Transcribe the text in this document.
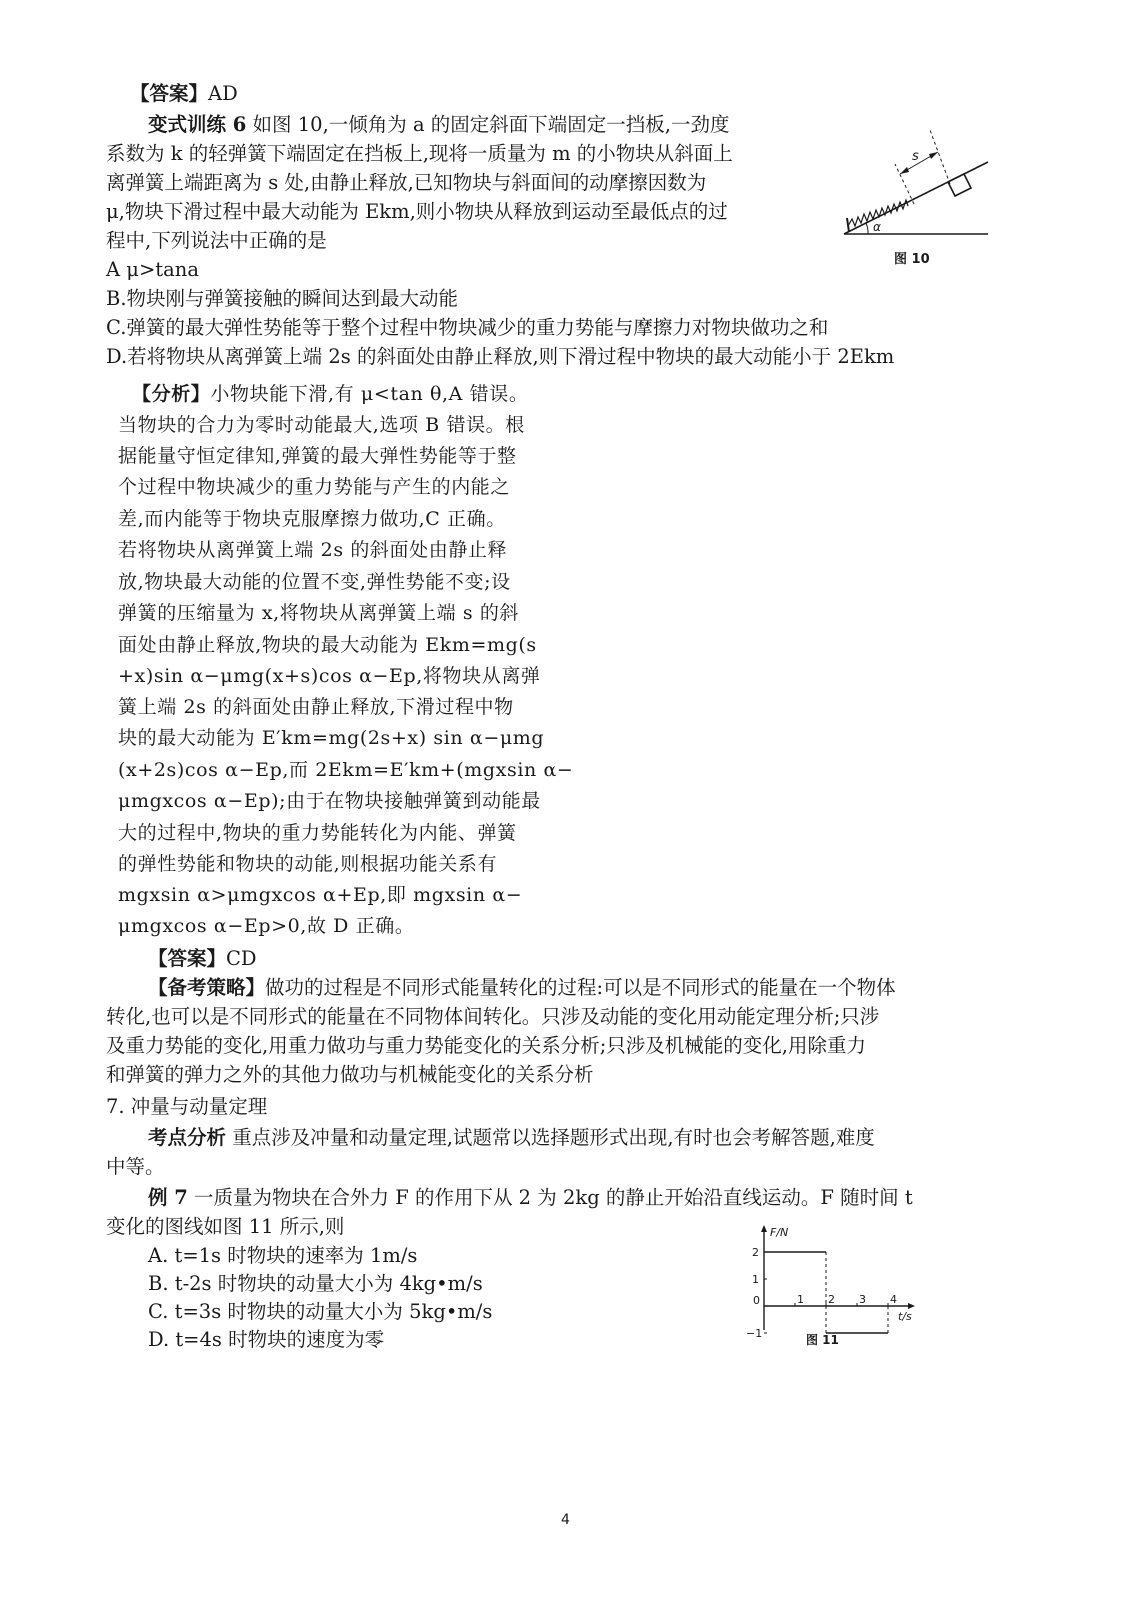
【答案】AD
变式训练 6 如图 10,一倾角为 a 的固定斜面下端固定一挡板,一劲度
系数为 k 的轻弹簧下端固定在挡板上,现将一质量为 m 的小物块从斜面上
离弹簧上端距离为 s 处,由静止释放,已知物块与斜面间的动摩擦因数为
μ,物块下滑过程中最大动能为 Ekm,则小物块从释放到运动至最低点的过
程中,下列说法中正确的是
A μ>tana
B.物块刚与弹簧接触的瞬间达到最大动能
C.弹簧的最大弹性势能等于整个过程中物块减少的重力势能与摩擦力对物块做功之和
D.若将物块从离弹簧上端 2s 的斜面处由静止释放,则下滑过程中物块的最大动能小于 2Ekm
s
α
图 10
【分析】小物块能下滑,有 μ<tan θ,A 错误。
当物块的合力为零时动能最大,选项 B 错误。根
据能量守恒定律知,弹簧的最大弹性势能等于整
个过程中物块减少的重力势能与产生的内能之
差,而内能等于物块克服摩擦力做功,C 正确。
若将物块从离弹簧上端 2s 的斜面处由静止释
放,物块最大动能的位置不变,弹性势能不变;设
弹簧的压缩量为 x,将物块从离弹簧上端 s 的斜
面处由静止释放,物块的最大动能为 Ekm=mg(s
+x)sin α−μmg(x+s)cos α−Ep,将物块从离弹
簧上端 2s 的斜面处由静止释放,下滑过程中物
块的最大动能为 E′km=mg(2s+x) sin α−μmg
(x+2s)cos α−Ep,而 2Ekm=E′km+(mgxsin α−
μmgxcos α−Ep);由于在物块接触弹簧到动能最
大的过程中,物块的重力势能转化为内能、弹簧
的弹性势能和物块的动能,则根据功能关系有
mgxsin α>μmgxcos α+Ep,即 mgxsin α−
μmgxcos α−Ep>0,故 D 正确。
【答案】CD
【备考策略】做功的过程是不同形式能量转化的过程:可以是不同形式的能量在一个物体
转化,也可以是不同形式的能量在不同物体间转化。只涉及动能的变化用动能定理分析;只涉
及重力势能的变化,用重力做功与重力势能变化的关系分析;只涉及机械能的变化,用除重力
和弹簧的弹力之外的其他力做功与机械能变化的关系分析
7. 冲量与动量定理
考点分析 重点涉及冲量和动量定理,试题常以选择题形式出现,有时也会考解答题,难度
中等。
例 7 一质量为物块在合外力 F 的作用下从 2 为 2kg 的静止开始沿直线运动。F 随时间 t
变化的图线如图 11 所示,则
A. t=1s 时物块的速率为 1m/s
B. t-2s 时物块的动量大小为 4kg•m/s
C. t=3s 时物块的动量大小为 5kg•m/s
D. t=4s 时物块的速度为零
F/N
t/s
0	1 2 3 4
2
1
−1	图 11
4
